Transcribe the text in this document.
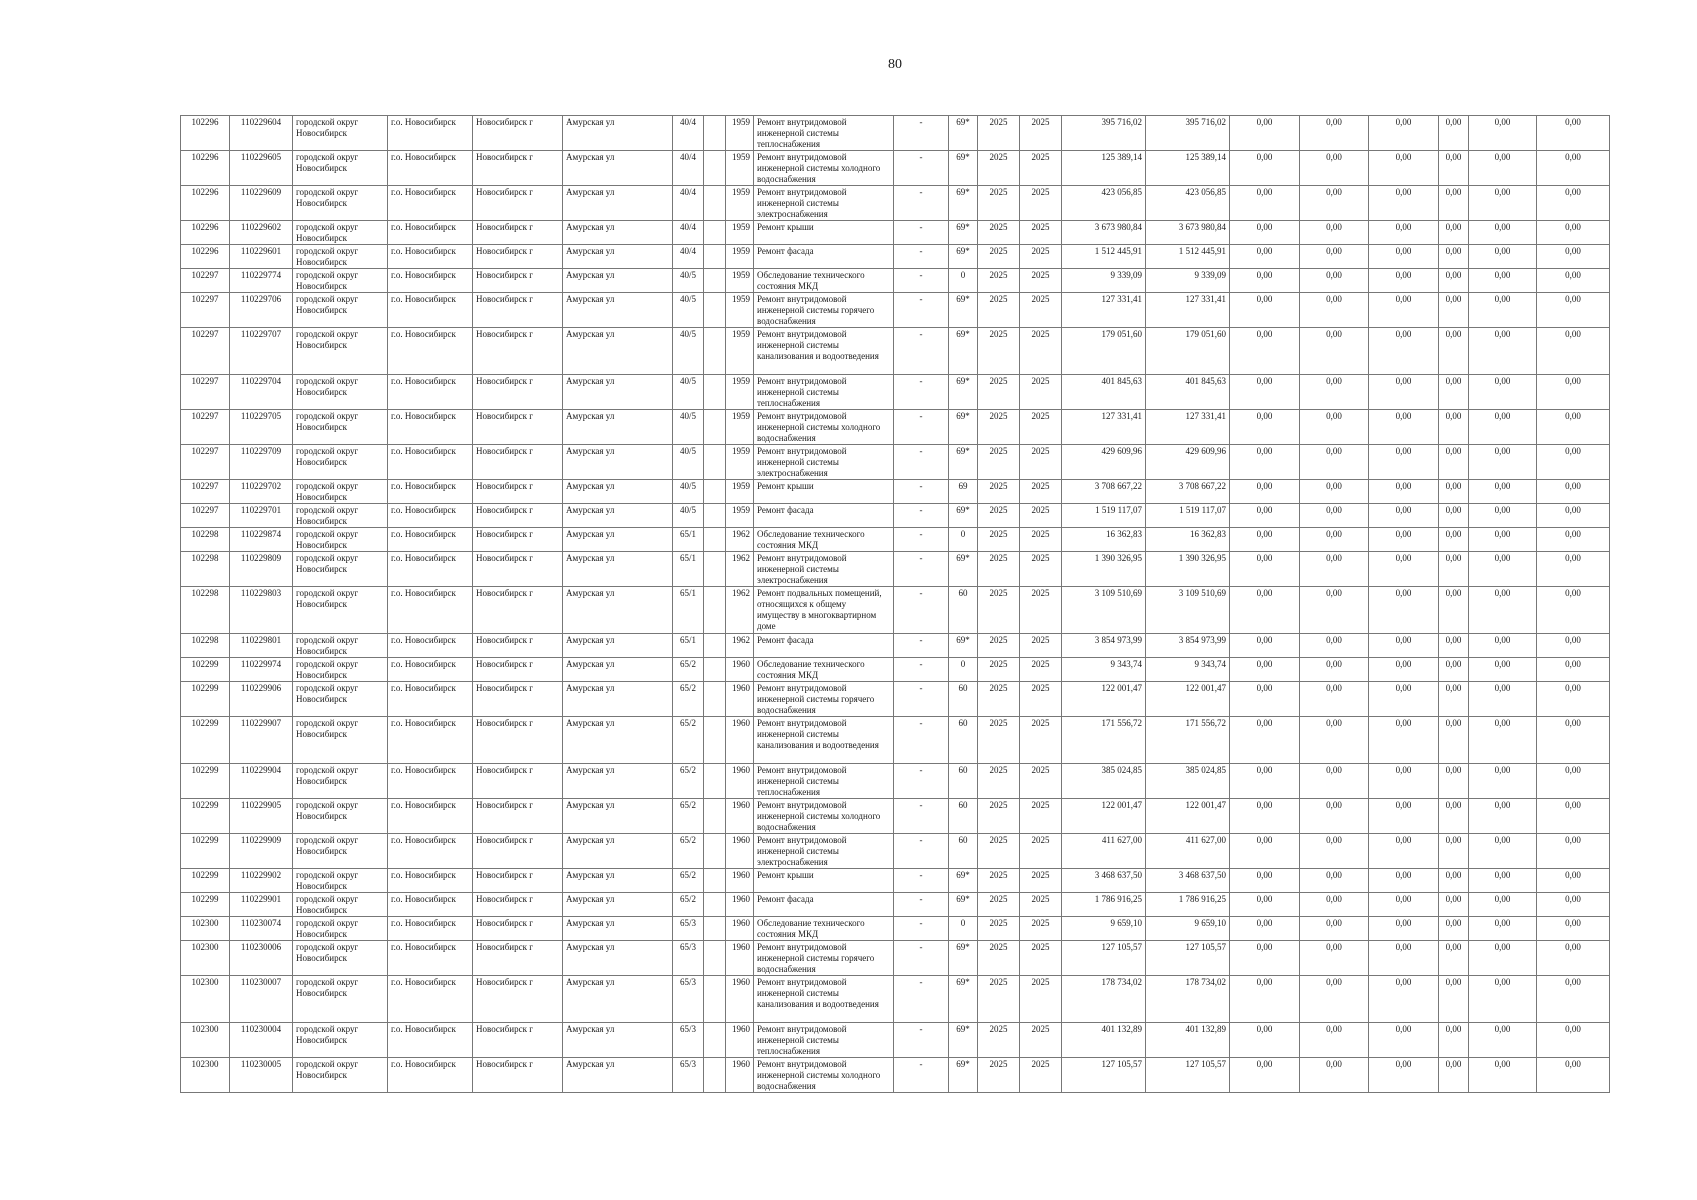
80
102296	110229604	городской округ Новосибирск	г.о. Новосибирск	Новосибирск г	Амурская ул	40/4		1959	Ремонт внутридомовой инженерной системы теплоснабжения	-	69*	2025	2025	395 716,02	395 716,02	0,00	0,00	0,00	0,00	0,00	0,00
102296	110229605	городской округ Новосибирск	г.о. Новосибирск	Новосибирск г	Амурская ул	40/4		1959	Ремонт внутридомовой инженерной системы холодного водоснабжения	-	69*	2025	2025	125 389,14	125 389,14	0,00	0,00	0,00	0,00	0,00	0,00
102296	110229609	городской округ Новосибирск	г.о. Новосибирск	Новосибирск г	Амурская ул	40/4		1959	Ремонт внутридомовой инженерной системы электроснабжения	-	69*	2025	2025	423 056,85	423 056,85	0,00	0,00	0,00	0,00	0,00	0,00
102296	110229602	городской округ Новосибирск	г.о. Новосибирск	Новосибирск г	Амурская ул	40/4		1959	Ремонт крыши	-	69*	2025	2025	3 673 980,84	3 673 980,84	0,00	0,00	0,00	0,00	0,00	0,00
102296	110229601	городской округ Новосибирск	г.о. Новосибирск	Новосибирск г	Амурская ул	40/4		1959	Ремонт фасада	-	69*	2025	2025	1 512 445,91	1 512 445,91	0,00	0,00	0,00	0,00	0,00	0,00
102297	110229774	городской округ Новосибирск	г.о. Новосибирск	Новосибирск г	Амурская ул	40/5		1959	Обследование технического состояния МКД	-	0	2025	2025	9 339,09	9 339,09	0,00	0,00	0,00	0,00	0,00	0,00
102297	110229706	городской округ Новосибирск	г.о. Новосибирск	Новосибирск г	Амурская ул	40/5		1959	Ремонт внутридомовой инженерной системы горячего водоснабжения	-	69*	2025	2025	127 331,41	127 331,41	0,00	0,00	0,00	0,00	0,00	0,00
102297	110229707	городской округ Новосибирск	г.о. Новосибирск	Новосибирск г	Амурская ул	40/5		1959	Ремонт внутридомовой инженерной системы канализования и водоотведения	-	69*	2025	2025	179 051,60	179 051,60	0,00	0,00	0,00	0,00	0,00	0,00
102297	110229704	городской округ Новосибирск	г.о. Новосибирск	Новосибирск г	Амурская ул	40/5		1959	Ремонт внутридомовой инженерной системы теплоснабжения	-	69*	2025	2025	401 845,63	401 845,63	0,00	0,00	0,00	0,00	0,00	0,00
102297	110229705	городской округ Новосибирск	г.о. Новосибирск	Новосибирск г	Амурская ул	40/5		1959	Ремонт внутридомовой инженерной системы холодного водоснабжения	-	69*	2025	2025	127 331,41	127 331,41	0,00	0,00	0,00	0,00	0,00	0,00
102297	110229709	городской округ Новосибирск	г.о. Новосибирск	Новосибирск г	Амурская ул	40/5		1959	Ремонт внутридомовой инженерной системы электроснабжения	-	69*	2025	2025	429 609,96	429 609,96	0,00	0,00	0,00	0,00	0,00	0,00
102297	110229702	городской округ Новосибирск	г.о. Новосибирск	Новосибирск г	Амурская ул	40/5		1959	Ремонт крыши	-	69	2025	2025	3 708 667,22	3 708 667,22	0,00	0,00	0,00	0,00	0,00	0,00
102297	110229701	городской округ Новосибирск	г.о. Новосибирск	Новосибирск г	Амурская ул	40/5		1959	Ремонт фасада	-	69*	2025	2025	1 519 117,07	1 519 117,07	0,00	0,00	0,00	0,00	0,00	0,00
102298	110229874	городской округ Новосибирск	г.о. Новосибирск	Новосибирск г	Амурская ул	65/1		1962	Обследование технического состояния МКД	-	0	2025	2025	16 362,83	16 362,83	0,00	0,00	0,00	0,00	0,00	0,00
102298	110229809	городской округ Новосибирск	г.о. Новосибирск	Новосибирск г	Амурская ул	65/1		1962	Ремонт внутридомовой инженерной системы электроснабжения	-	69*	2025	2025	1 390 326,95	1 390 326,95	0,00	0,00	0,00	0,00	0,00	0,00
102298	110229803	городской округ Новосибирск	г.о. Новосибирск	Новосибирск г	Амурская ул	65/1		1962	Ремонт подвальных помещений, относящихся к общему имуществу в многоквартирном доме	-	60	2025	2025	3 109 510,69	3 109 510,69	0,00	0,00	0,00	0,00	0,00	0,00
102298	110229801	городской округ Новосибирск	г.о. Новосибирск	Новосибирск г	Амурская ул	65/1		1962	Ремонт фасада	-	69*	2025	2025	3 854 973,99	3 854 973,99	0,00	0,00	0,00	0,00	0,00	0,00
102299	110229974	городской округ Новосибирск	г.о. Новосибирск	Новосибирск г	Амурская ул	65/2		1960	Обследование технического состояния МКД	-	0	2025	2025	9 343,74	9 343,74	0,00	0,00	0,00	0,00	0,00	0,00
102299	110229906	городской округ Новосибирск	г.о. Новосибирск	Новосибирск г	Амурская ул	65/2		1960	Ремонт внутридомовой инженерной системы горячего водоснабжения	-	60	2025	2025	122 001,47	122 001,47	0,00	0,00	0,00	0,00	0,00	0,00
102299	110229907	городской округ Новосибирск	г.о. Новосибирск	Новосибирск г	Амурская ул	65/2		1960	Ремонт внутридомовой инженерной системы канализования и водоотведения	-	60	2025	2025	171 556,72	171 556,72	0,00	0,00	0,00	0,00	0,00	0,00
102299	110229904	городской округ Новосибирск	г.о. Новосибирск	Новосибирск г	Амурская ул	65/2		1960	Ремонт внутридомовой инженерной системы теплоснабжения	-	60	2025	2025	385 024,85	385 024,85	0,00	0,00	0,00	0,00	0,00	0,00
102299	110229905	городской округ Новосибирск	г.о. Новосибирск	Новосибирск г	Амурская ул	65/2		1960	Ремонт внутридомовой инженерной системы холодного водоснабжения	-	60	2025	2025	122 001,47	122 001,47	0,00	0,00	0,00	0,00	0,00	0,00
102299	110229909	городской округ Новосибирск	г.о. Новосибирск	Новосибирск г	Амурская ул	65/2		1960	Ремонт внутридомовой инженерной системы электроснабжения	-	60	2025	2025	411 627,00	411 627,00	0,00	0,00	0,00	0,00	0,00	0,00
102299	110229902	городской округ Новосибирск	г.о. Новосибирск	Новосибирск г	Амурская ул	65/2		1960	Ремонт крыши	-	69*	2025	2025	3 468 637,50	3 468 637,50	0,00	0,00	0,00	0,00	0,00	0,00
102299	110229901	городской округ Новосибирск	г.о. Новосибирск	Новосибирск г	Амурская ул	65/2		1960	Ремонт фасада	-	69*	2025	2025	1 786 916,25	1 786 916,25	0,00	0,00	0,00	0,00	0,00	0,00
102300	110230074	городской округ Новосибирск	г.о. Новосибирск	Новосибирск г	Амурская ул	65/3		1960	Обследование технического состояния МКД	-	0	2025	2025	9 659,10	9 659,10	0,00	0,00	0,00	0,00	0,00	0,00
102300	110230006	городской округ Новосибирск	г.о. Новосибирск	Новосибирск г	Амурская ул	65/3		1960	Ремонт внутридомовой инженерной системы горячего водоснабжения	-	69*	2025	2025	127 105,57	127 105,57	0,00	0,00	0,00	0,00	0,00	0,00
102300	110230007	городской округ Новосибирск	г.о. Новосибирск	Новосибирск г	Амурская ул	65/3		1960	Ремонт внутридомовой инженерной системы канализования и водоотведения	-	69*	2025	2025	178 734,02	178 734,02	0,00	0,00	0,00	0,00	0,00	0,00
102300	110230004	городской округ Новосибирск	г.о. Новосибирск	Новосибирск г	Амурская ул	65/3		1960	Ремонт внутридомовой инженерной системы теплоснабжения	-	69*	2025	2025	401 132,89	401 132,89	0,00	0,00	0,00	0,00	0,00	0,00
102300	110230005	городской округ Новосибирск	г.о. Новосибирск	Новосибирск г	Амурская ул	65/3		1960	Ремонт внутридомовой инженерной системы холодного водоснабжения	-	69*	2025	2025	127 105,57	127 105,57	0,00	0,00	0,00	0,00	0,00	0,00
